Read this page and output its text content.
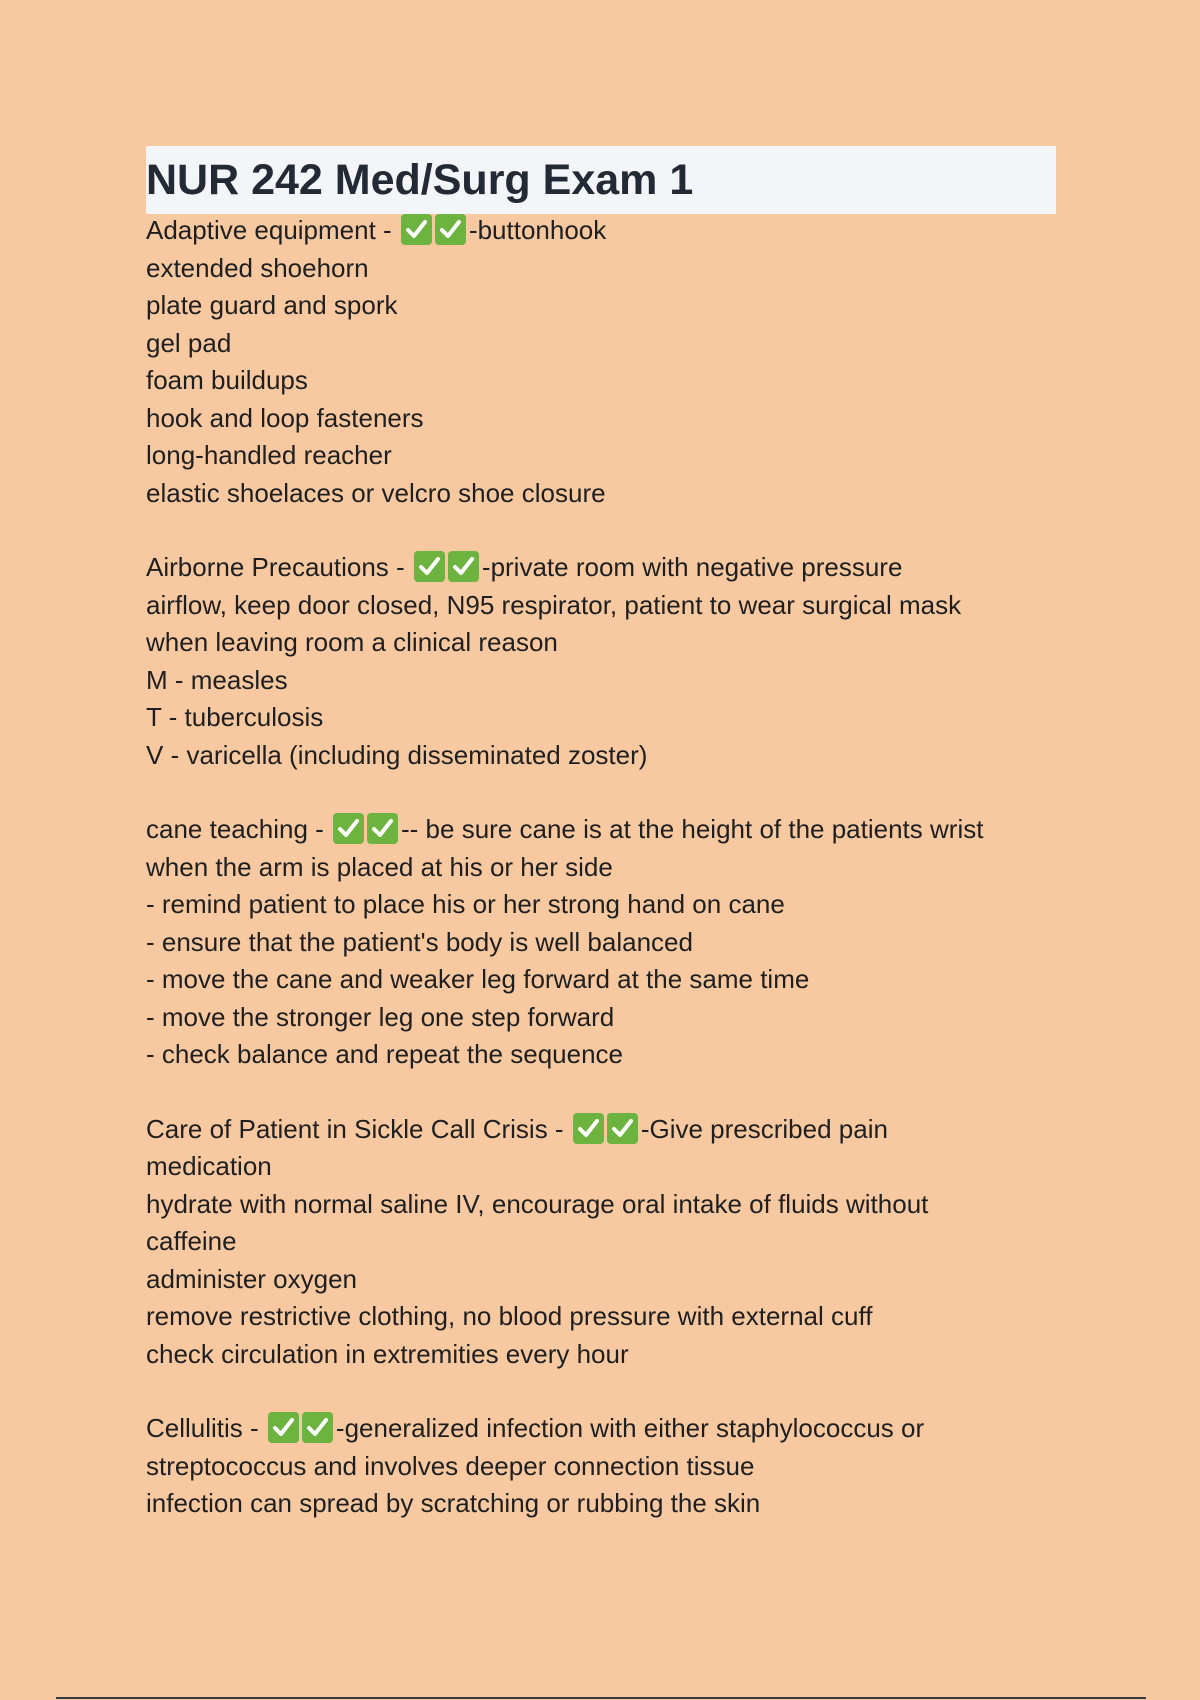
NUR 242 Med/Surg Exam 1
Adaptive equipment -	-buttonhook
extended shoehorn
plate guard and spork
gel pad
foam buildups
hook and loop fasteners
long-handled reacher
elastic shoelaces or velcro shoe closure
Airborne Precautions -	-private room with negative pressure
airflow, keep door closed, N95 respirator, patient to wear surgical mask
when leaving room a clinical reason
M - measles
T - tuberculosis
V - varicella (including disseminated zoster)
cane teaching -	-- be sure cane is at the height of the patients wrist
when the arm is placed at his or her side
- remind patient to place his or her strong hand on cane
- ensure that the patient's body is well balanced
- move the cane and weaker leg forward at the same time
- move the stronger leg one step forward
- check balance and repeat the sequence
Care of Patient in Sickle Call Crisis -	-Give prescribed pain
medication
hydrate with normal saline IV, encourage oral intake of fluids without
caffeine
administer oxygen
remove restrictive clothing, no blood pressure with external cuff
check circulation in extremities every hour
Cellulitis -	-generalized infection with either staphylococcus or
streptococcus and involves deeper connection tissue
infection can spread by scratching or rubbing the skin
